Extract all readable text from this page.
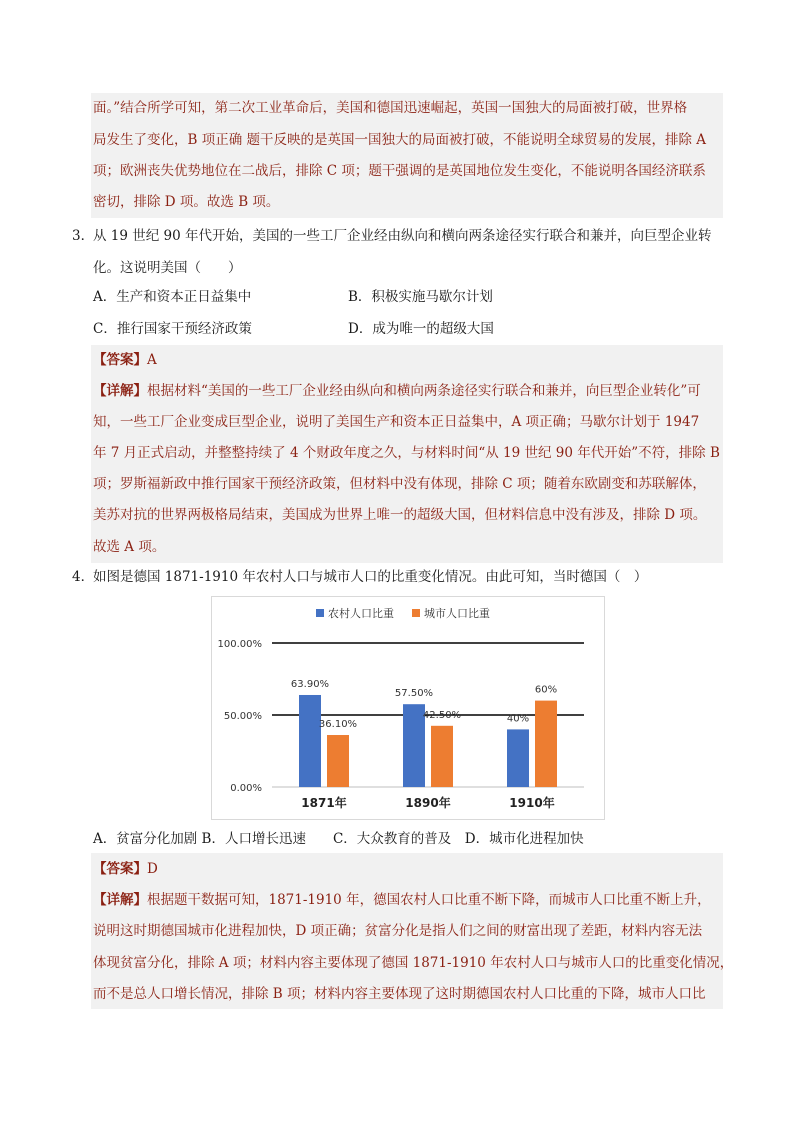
面。”结合所学可知，第二次工业革命后，美国和德国迅速崛起，英国一国独大的局面被打破，世界格
局发生了变化，B 项正确 题干反映的是英国一国独大的局面被打破，不能说明全球贸易的发展，排除 A
项；欧洲丧失优势地位在二战后，排除 C 项；题干强调的是英国地位发生变化，不能说明各国经济联系
密切，排除 D 项。故选 B 项。
3．
从 19 世纪 90 年代开始，美国的一些工厂企业经由纵向和横向两条途径实行联合和兼并，向巨型企业转
化。这说明美国（　　）
A．生产和资本正日益集中	B．积极实施马歇尔计划
C．推行国家干预经济政策	D．成为唯一的超级大国
【答案】A
【详解】根据材料“美国的一些工厂企业经由纵向和横向两条途径实行联合和兼并，向巨型企业转化”可
知，一些工厂企业变成巨型企业，说明了美国生产和资本正日益集中，A 项正确；马歇尔计划于 1947
年 7 月正式启动，并整整持续了 4 个财政年度之久，与材料时间“从 19 世纪 90 年代开始”不符，排除 B
项；罗斯福新政中推行国家干预经济政策，但材料中没有体现，排除 C 项；随着东欧剧变和苏联解体，
美苏对抗的世界两极格局结束，美国成为世界上唯一的超级大国，但材料信息中没有涉及，排除 D 项。
故选 A 项。
4．
如图是德国 1871-1910 年农村人口与城市人口的比重变化情况。由此可知，当时德国（　）
0.00%
50.00%
100.00%
农村人口比重	城市人口比重
63.90%
36.10%
1871年
57.50%
42.50%
1890年
40%
60%
1910年
A．贫富分化加剧 B．人口增长迅速　　C．大众教育的普及　D．城市化进程加快
【答案】D
【详解】根据题干数据可知，1871-1910 年，德国农村人口比重不断下降，而城市人口比重不断上升，
说明这时期德国城市化进程加快，D 项正确；贫富分化是指人们之间的财富出现了差距，材料内容无法
体现贫富分化，排除 A 项；材料内容主要体现了德国 1871-1910 年农村人口与城市人口的比重变化情况，
而不是总人口增长情况，排除 B 项；材料内容主要体现了这时期德国农村人口比重的下降，城市人口比
